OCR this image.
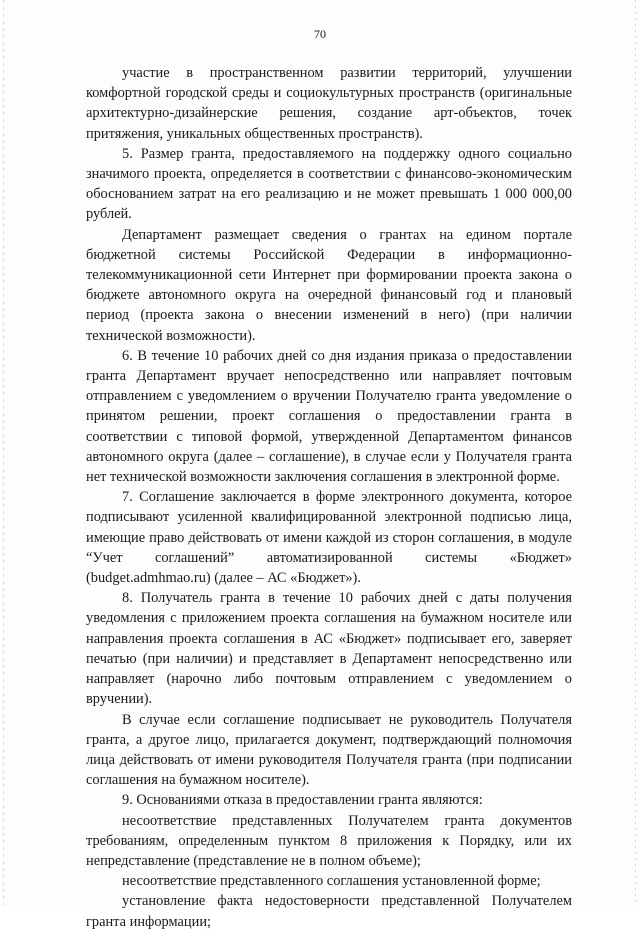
70

участие в пространственном развитии территорий, улучшении комфортной городской среды и социокультурных пространств (оригинальные архитектурно-дизайнерские решения, создание арт-объектов, точек притяжения, уникальных общественных пространств).

5. Размер гранта, предоставляемого на поддержку одного социально значимого проекта, определяется в соответствии с финансово-экономическим обоснованием затрат на его реализацию и не может превышать 1 000 000,00 рублей.

Департамент размещает сведения о грантах на едином портале бюджетной системы Российской Федерации в информационно-телекоммуникационной сети Интернет при формировании проекта закона о бюджете автономного округа на очередной финансовый год и плановый период (проекта закона о внесении изменений в него) (при наличии технической возможности).

6. В течение 10 рабочих дней со дня издания приказа о предоставлении гранта Департамент вручает непосредственно или направляет почтовым отправлением с уведомлением о вручении Получателю гранта уведомление о принятом решении, проект соглашения о предоставлении гранта в соответствии с типовой формой, утвержденной Департаментом финансов автономного округа (далее – соглашение), в случае если у Получателя гранта нет технической возможности заключения соглашения в электронной форме.

7. Соглашение заключается в форме электронного документа, которое подписывают усиленной квалифицированной электронной подписью лица, имеющие право действовать от имени каждой из сторон соглашения, в модуле “Учет соглашений” автоматизированной системы «Бюджет» (budget.admhmao.ru) (далее – АС «Бюджет»).

8. Получатель гранта в течение 10 рабочих дней с даты получения уведомления с приложением проекта соглашения на бумажном носителе или направления проекта соглашения в АС «Бюджет» подписывает его, заверяет печатью (при наличии) и представляет в Департамент непосредственно или направляет (нарочно либо почтовым отправлением с уведомлением о вручении).

В случае если соглашение подписывает не руководитель Получателя гранта, а другое лицо, прилагается документ, подтверждающий полномочия лица действовать от имени руководителя Получателя гранта (при подписании соглашения на бумажном носителе).

9. Основаниями отказа в предоставлении гранта являются:

несоответствие представленных Получателем гранта документов требованиям, определенным пунктом 8 приложения к Порядку, или их непредставление (представление не в полном объеме);

несоответствие представленного соглашения установленной форме;

установление факта недостоверности представленной Получателем гранта информации;
